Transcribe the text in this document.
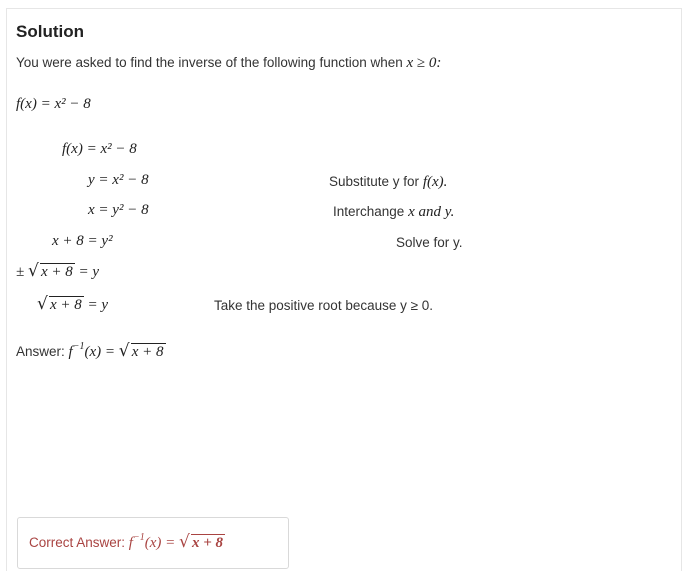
Solution
You were asked to find the inverse of the following function when x ≥ 0:
f(x) = x² − 8
f(x) = x² − 8
y = x² − 8	Substitute y for f(x).
x = y² − 8	Interchange x and y.
x + 8 = y²	Solve for y.
± √ x + 8 = y
√ x + 8 = y	Take the positive root because y ≥ 0.
Answer: $f^{-1}(x)$ = √ x + 8
Correct Answer: $f^{-1}(x)$ = √ x + 8
